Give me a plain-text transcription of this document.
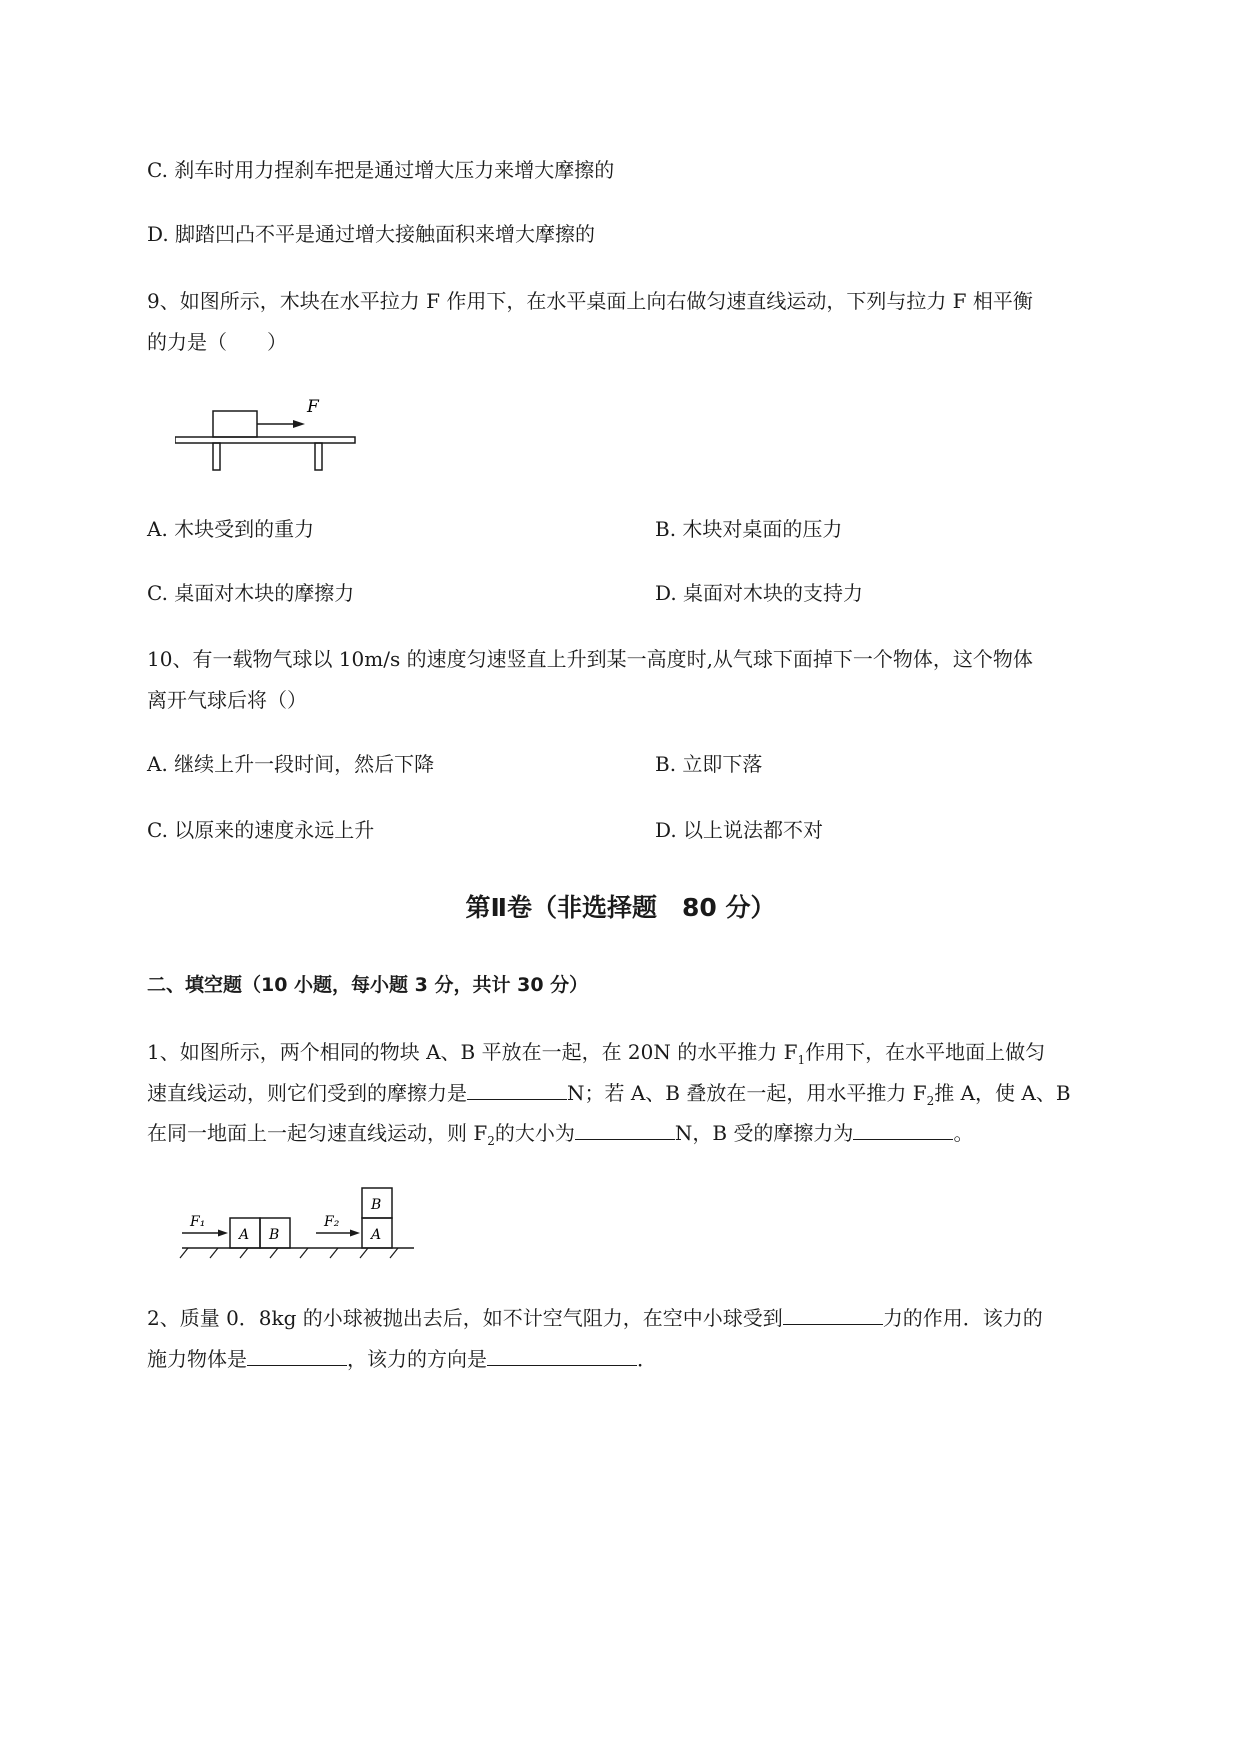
C. 刹车时用力捏刹车把是通过增大压力来增大摩擦的
D. 脚踏凹凸不平是通过增大接触面积来增大摩擦的
9、如图所示，木块在水平拉力 F 作用下，在水平桌面上向右做匀速直线运动，下列与拉力 F 相平衡
的力是（　　）
F
A. 木块受到的重力	B. 木块对桌面的压力
C. 桌面对木块的摩擦力	D. 桌面对木块的支持力
10、有一载物气球以 10m/s 的速度匀速竖直上升到某一高度时,从气球下面掉下一个物体，这个物体
离开气球后将（）
A. 继续上升一段时间，然后下降	B. 立即下落
C. 以原来的速度永远上升	D. 以上说法都不对
第Ⅱ卷（非选择题　80 分）
二、填空题（10 小题，每小题 3 分，共计 30 分）
1、如图所示，两个相同的物块 A、B 平放在一起，在 20N 的水平推力 $F_1$作用下，在水平地面上做匀
速直线运动，则它们受到的摩擦力是	N；若 A、B 叠放在一起，用水平推力 $F_2$推 A，使 A、B
在同一地面上一起匀速直线运动，则 $F_2$的大小为	N，B 受的摩擦力为	。
F₁
A B
F₂
A
B
2、质量 0．8kg 的小球被抛出去后，如不计空气阻力，在空中小球受到	力的作用．该力的
施力物体是	，该力的方向是	．
